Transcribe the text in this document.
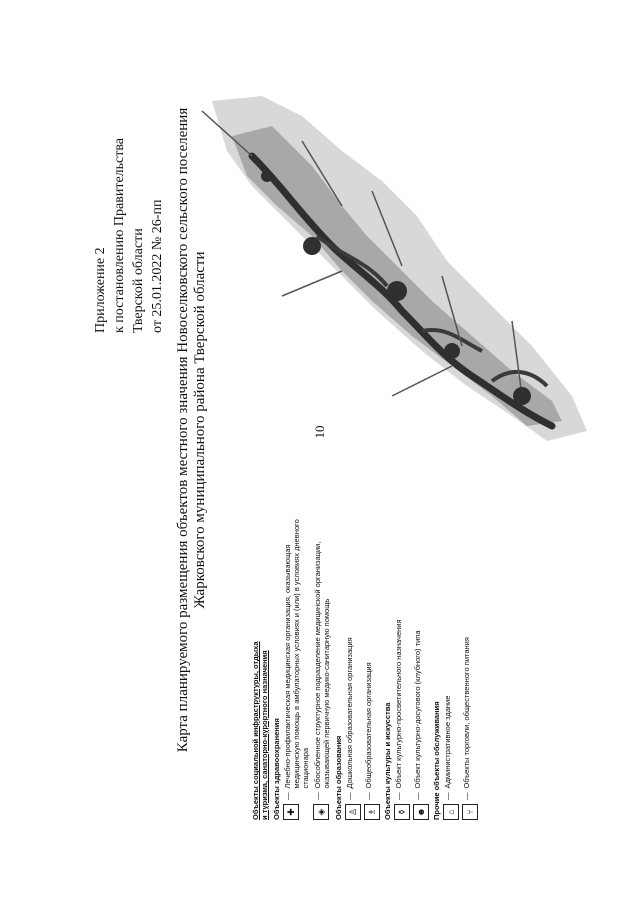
10
Приложение 2 к постановлению Правительства Тверской области от 25.01.2022 № 26-пп Карта планируемого размещения объектов местного значения Новоселковского сельского поселения Жарковского муниципального района Тверской области
Объекты социальной инфраструктуры, отдыха и туризма, санаторно-курортного назначения Объекты здравоохранения ✚
—
Лечебно-профилактическая медицинская организация, оказывающая медицинскую помощь в амбулаторных условиях и (или) в условиях дневного стационара
◈
—
Обособленное структурное подразделение медицинской организации, оказывающей первичную медико-санитарную помощь Объекты образования ♙
—
Дошкольная образовательная организация
♗
—
Общеобразовательная организация Объекты культуры и искусства ⚱
—
Объект культурно-просветительного назначения
☻
—
Объект культурно-досугового (клубного) типа Прочие объекты обслуживания ⌂
—
Административное здание
⑂
—
Объекты торговли, общественного питания
